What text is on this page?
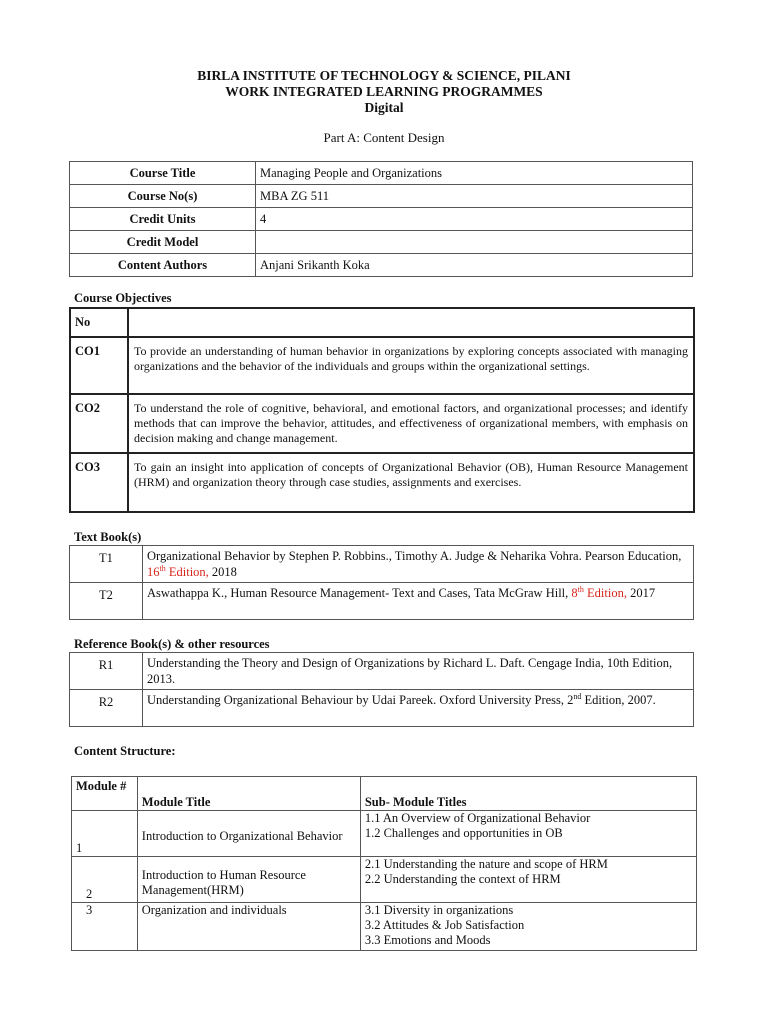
BIRLA INSTITUTE OF TECHNOLOGY & SCIENCE, PILANI
WORK INTEGRATED LEARNING PROGRAMMES
Digital
Part A: Content Design
Course Title	Managing People and Organizations
Course No(s)	MBA ZG 511
Credit Units	4
Credit Model	
Content Authors	Anjani Srikanth Koka
Course Objectives
No	
CO1	To provide an understanding of human behavior in organizations by exploring concepts associated with managing organizations and the behavior of the individuals and groups within the organizational settings.
CO2	To understand the role of cognitive, behavioral, and emotional factors, and organizational processes; and identify methods that can improve the behavior, attitudes, and effectiveness of organizational members, with emphasis on decision making and change management.
CO3	To gain an insight into application of concepts of Organizational Behavior (OB), Human Resource Management (HRM) and organization theory through case studies, assignments and exercises.
Text Book(s)
T1	Organizational Behavior by Stephen P. Robbins., Timothy A. Judge & Neharika Vohra. Pearson Education, 16th Edition, 2018
T2	Aswathappa K., Human Resource Management- Text and Cases, Tata McGraw Hill, 8th Edition, 2017
Reference Book(s) & other resources
R1	Understanding the Theory and Design of Organizations by Richard L. Daft. Cengage India, 10th Edition, 2013.
R2	Understanding Organizational Behaviour by Udai Pareek. Oxford University Press, 2nd Edition, 2007.
Content Structure:
Module #	Module Title	Sub- Module Titles
1	Introduction to Organizational Behavior	1.1 An Overview of Organizational Behavior
1.2 Challenges and opportunities in OB

2	Introduction to Human Resource Management(HRM)	2.1 Understanding the nature and scope of HRM
2.2 Understanding the context of HRM

3	Organization and individuals	3.1 Diversity in organizations
3.2 Attitudes & Job Satisfaction
3.3 Emotions and Moods
